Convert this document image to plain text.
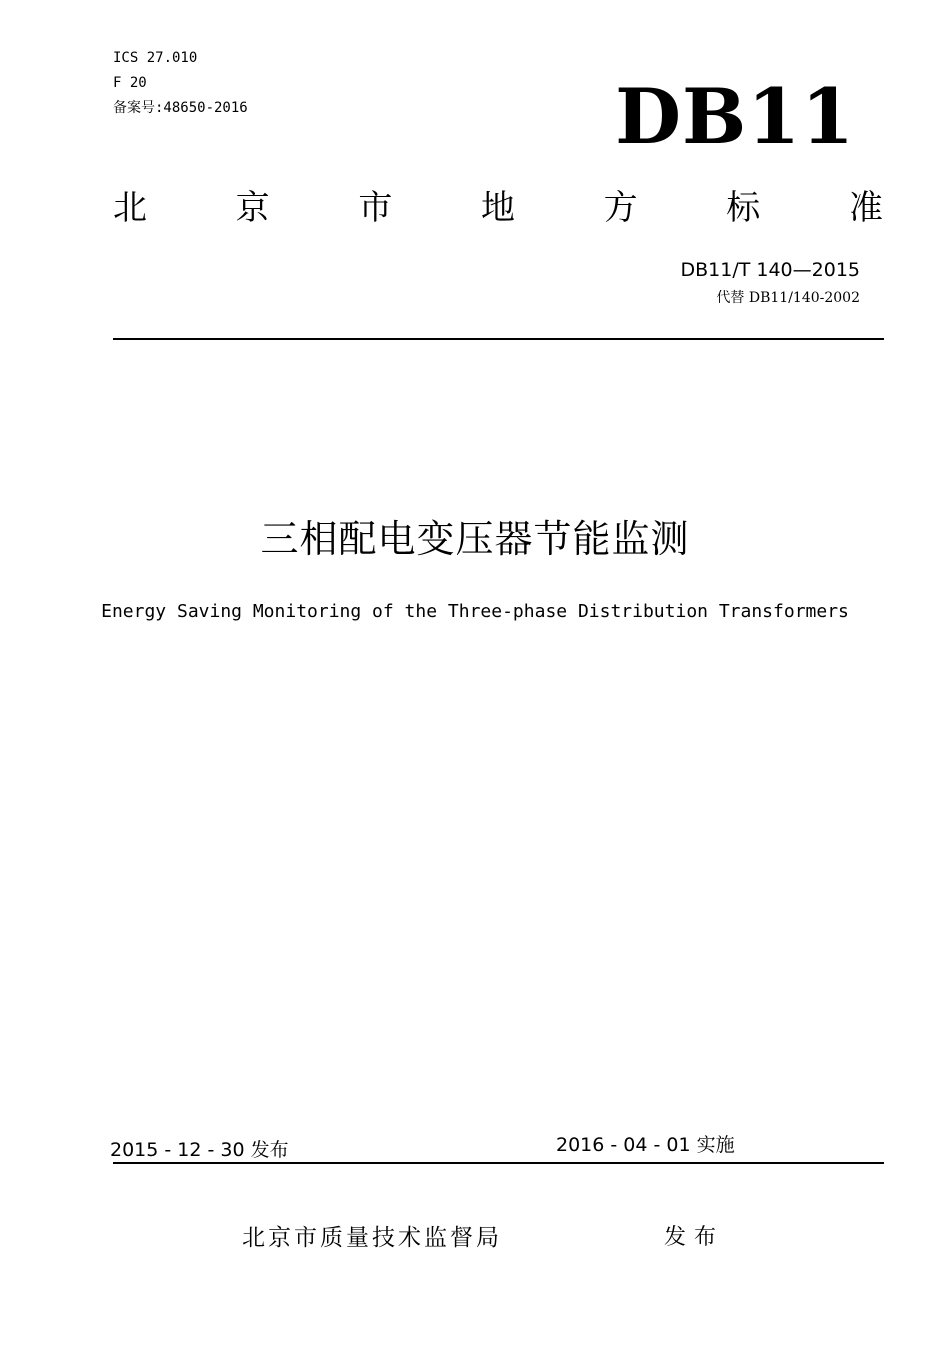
ICS 27.010
F 20
备案号:48650-2016	DB11
北	京	市	地	方	标	准
DB11/T 140—2015
代替 DB11/140-2002
三相配电变压器节能监测
Energy Saving Monitoring of the Three-phase Distribution Transformers
2015 - 12 - 30 发布	2016 - 04 - 01 实施
北京市质量技术监督局	发布
